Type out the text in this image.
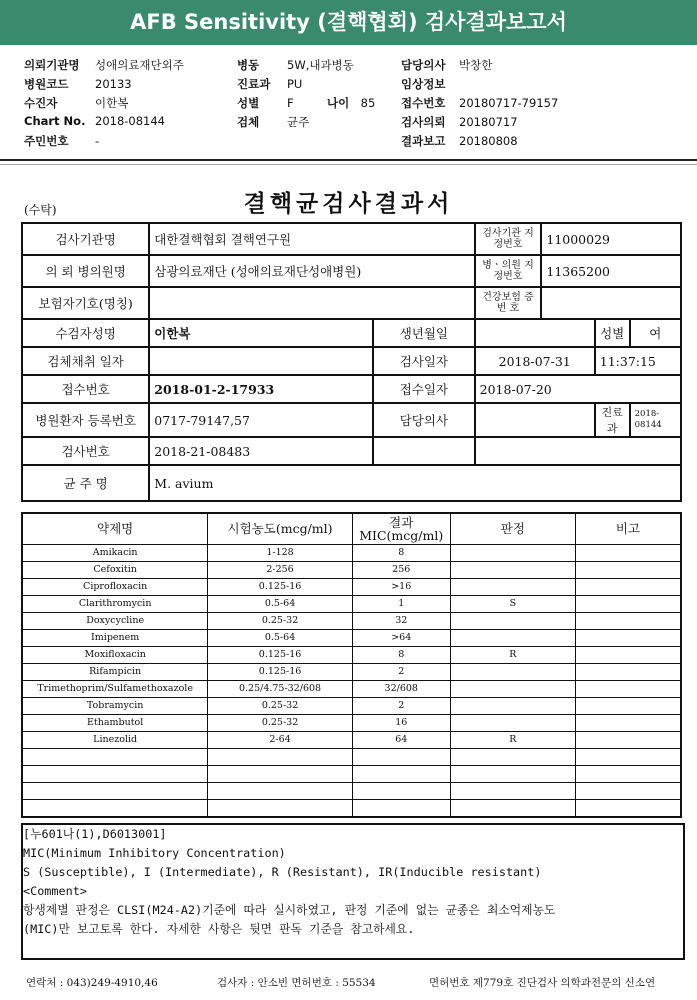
AFB Sensitivity (결핵협회) 검사결과보고서
의뢰기관명 성애의료재단외주
병원코드 20133
수진자	이한복
Chart No. 2018-08144
주민번호 -
병동 5W,내과병동
진료과 PU
성별 F
검체 균주
담당의사 박창한
임상정보
접수번호 20180717-79157
검사의뢰 20180717
결과보고 20180808
나이 85
결핵균검사결과서
(수탁)
검사기관명	대한결핵협회 결핵연구원		검사기관 지정번호	11000029		
의 뢰 병의원명	삼광의료재단 (성애의료재단성애병원)		병ㆍ의원 지정번호	11365200		
보험자기호(명칭)			건강보험 증 번 호			
수검자성명	이한복	생년월일			성별	여
검체채취 일자		검사일자	2018-07-31		11:37:15	
접수번호	2018-01-2-17933	접수일자	2018-07-20			
병원환자 등록번호	0717-79147,57	담당의사			진료과	2018-08144
검사번호	2018-21-08483					
균 주 명	M. avium					
약제명	시험농도(mcg/ml)	결과 MIC(mcg/ml)	판정	비고
Amikacin	1-128	8		
Cefoxitin	2-256	256		
Ciprofloxacin	0.125-16	>16		
Clarithromycin	0.5-64	1	S	
Doxycycline	0.25-32	32		
Imipenem	0.5-64	>64		
Moxifloxacin	0.125-16	8	R	
Rifampicin	0.125-16	2		
Trimethoprim/Sulfamethoxazole	0.25/4.75-32/608	32/608		
Tobramycin	0.25-32	2		
Ethambutol	0.25-32	16		
Linezolid	2-64	64	R	

[누601나(1),D6013001]
MIC(Minimum Inhibitory Concentration)
S (Susceptible), I (Intermediate), R (Resistant), IR(Inducible resistant)
<Comment>
항생제별 판정은 CLSI(M24-A2)기준에 따라 실시하였고, 판정 기준에 없는 균종은 최소억제농도
(MIC)만 보고토록 한다. 자세한 사항은 뒷면 판독 기준을 참고하세요.
연락처 : 043)249-4910,46	검사자 : 안소빈 면허번호 : 55534	면허번호 제779호 진단검사 의학과전문의 신소연
